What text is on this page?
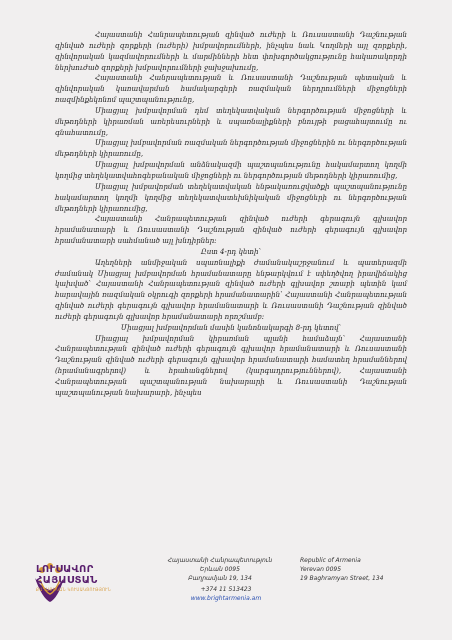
Հայաստանի Հանրապետության զինված ուժերի և Ռուսաստանի Դաշնության զինված ուժերի զորքերի (ուժերի) խմբավորումների, ինչպես նաև Կողմերի այլ զորքերի, զինվորական կազմավորումների և մարմինների հետ փոխգործակցությունը հակառակորդի ներխուժած զորքերի խմբավորումների ջախջախումը,

Հայաստանի Հանրապետության և Ռուսաստանի Դաշնության պետական և զինվորական կառավարման համակարգերի ռազմական ներդրումների միջոցների ռազմինքեկոնոմ պաշտպանությունը,

Միացյալ խմբավորման դեմ տեղեկատվական ներգործության միջոցների և մեթոդների կիրառման առերեսուրների և սպառնալիքների բնույթի բացահայտումը ու գնահատումը,

Միացյալ խմբավորման ռազմական ներգործության միջոցներին ու ներգործության մեթոդների կիրառումը,

Միացյալ խմբավորման անձնակազմի պաշտպանությունը հակամարտող կողմի կողմից տեղեկատվահոգեբանական միջոցների ու ներգործության մեթոդների կիրառումից,

Միացյալ խմբավորման տեղեկատվական ենթակառուցվածքի պաշտպանությունը հակամարտող կողմի կողմից տեղեկատվատեխնիկական միջոցների ու ներգործության մեթոդների կիրառումից,

Հայաստանի Հանրապետության զինված ուժերի գերագույն գլխավոր հրամանատարի և Ռուսաստանի Դաշնության զինված ուժերի գերագույն գլխավոր հրամանատարի սահմանած այլ խնդիրներ:

Ըստ 4-րդ կետի՝

Աղեղների անմիջական սպառնալիքի ժամանակաշրջանում և պատերազմի ժամանակ Միացյալ խմբավորման հրամանատարը ենթարկվում է սփեղծվող իրավիճակից կախված՝ Հայաստանի Հանրապետության զինված ուժերի գլխավոր շտաբի պետին կամ հարավային ռազմական օկրուգի զորքերի հրամանատարին՝ Հայաստանի Հանրապետության զինված ուժերի գերագույն գլխավոր հրամանատարի և Ռուսաստանի Դաշնության զինված ուժերի գերագույն գլխավոր հրամանատարի որոշմամբ:

Միացյալ խմբավորման մասին կանոնակարգի 8-րդ կետով՝

Միացյալ խմբավորման կիրառման պլանի համաձայն՝ Հայաստանի Հանրապետության զինված ուժերի գերագույն գլխավոր հրամանատարի և Ռուսաստանի Դաշնության զինված ուժերի գերագույն գլխավոր հրամանատարի համատեղ հրամաններով (հրամանագրերով) և հրահանգներով (կարգադրություններով), Հայաստանի Հանրապետության պաշտպանության նախարարի և Ռուսաստանի Դաշնության պաշտպանության նախարարի, ինչպես

ԼՈՒՍԱՎՈՐ
ՀԱՅԱՍՏԱՆ
ՔԱՂԱՔԱԿԱՆ ԿՈՒՍԱԿՑՈՒԹՅՈՒՆ
Հայաստանի Հանրապետություն
Երևան 0095
Բաղրամյան 19, 134
Republic of Armenia
Yerevan 0095
19 Baghramyan Street, 134
+374 11 513423
www.brightarmenia.am
